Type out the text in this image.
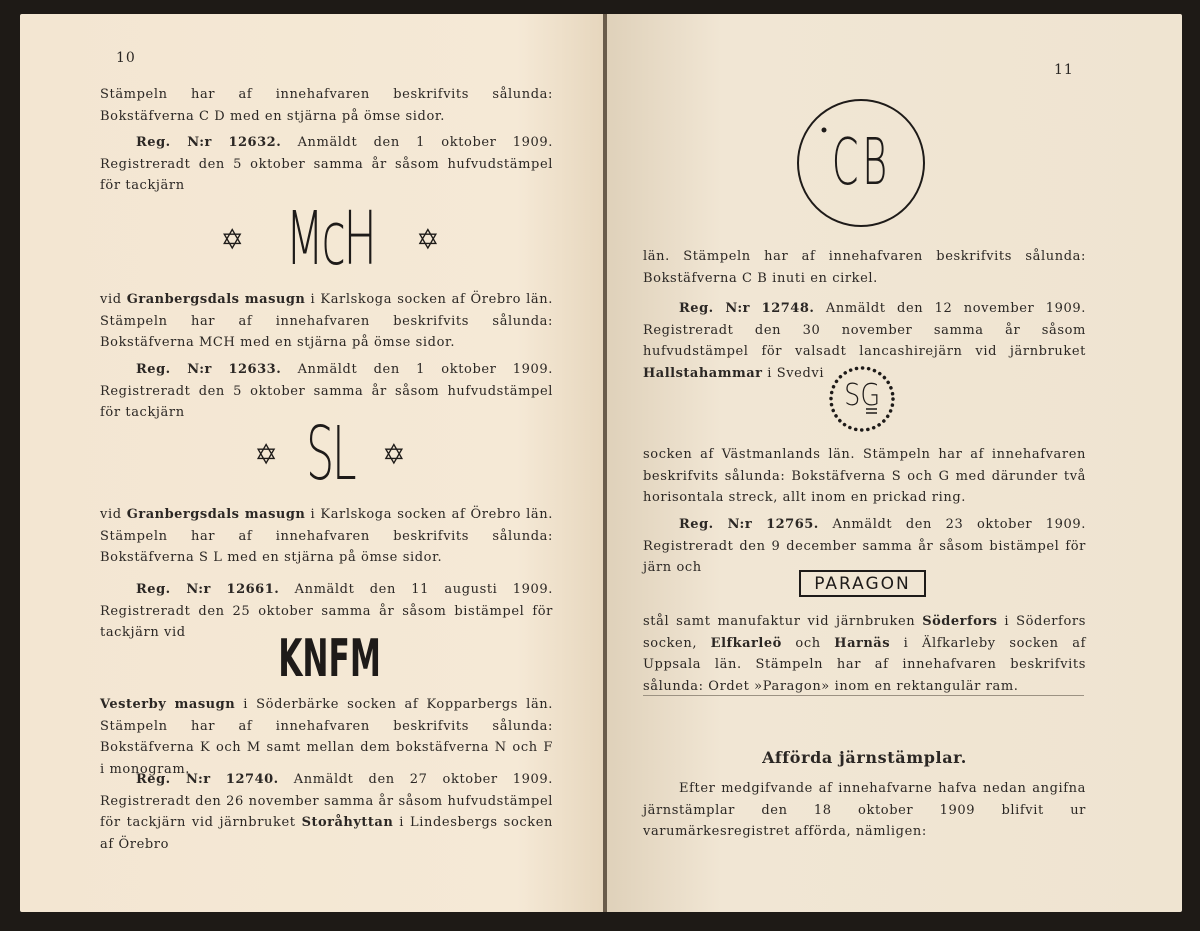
10
Stämpeln har af innehafvaren beskrifvits sålunda: Bokstäfverna C D med en stjärna på ömse sidor.
Reg. N:r 12632. Anmäldt den 1 oktober 1909. Registreradt den 5 oktober samma år såsom hufvudstämpel för tackjärn
✡ McH ✡
vid Granbergsdals masugn i Karlskoga socken af Örebro län. Stämpeln har af innehafvaren beskrifvits sålunda: Bokstäfverna MCH med en stjärna på ömse sidor.
Reg. N:r 12633. Anmäldt den 1 oktober 1909. Registreradt den 5 oktober samma år såsom hufvudstämpel för tackjärn
✡ SL ✡
vid Granbergsdals masugn i Karlskoga socken af Örebro län. Stämpeln har af innehafvaren beskrifvits sålunda: Bokstäfverna S L med en stjärna på ömse sidor.
Reg. N:r 12661. Anmäldt den 11 augusti 1909. Registreradt den 25 oktober samma år såsom bistämpel för tackjärn vid	KNFM
Vesterby masugn i Söderbärke socken af Kopparbergs län. Stämpeln har af innehafvaren beskrifvits sålunda: Bokstäfverna K och M samt mellan dem bokstäfverna N och F i monogram.
Reg. N:r 12740. Anmäldt den 27 oktober 1909. Registreradt den 26 november samma år såsom hufvudstämpel för tackjärn vid järnbruket Storåhyttan i Lindesbergs socken af Örebro
11
CB
län. Stämpeln har af innehafvaren beskrifvits sålunda: Bokstäfverna C B inuti en cirkel.
Reg. N:r 12748. Anmäldt den 12 november 1909. Registreradt den 30 november samma år såsom hufvudstämpel för valsadt lancashirejärn vid järnbruket Hallstahammar i Svedvi
SG
socken af Västmanlands län. Stämpeln har af innehafvaren beskrifvits sålunda: Bokstäfverna S och G med därunder två horisontala streck, allt inom en prickad ring.
Reg. N:r 12765. Anmäldt den 23 oktober 1909. Registreradt den 9 december samma år såsom bistämpel för järn och
PARAGON
stål samt manufaktur vid järnbruken Söderfors i Söderfors socken, Elfkarleö och Harnäs i Älfkarleby socken af Uppsala län. Stämpeln har af innehafvaren beskrifvits sålunda: Ordet »Paragon» inom en rektangulär ram.
Afförda järnstämplar.
Efter medgifvande af innehafvarne hafva nedan angifna järnstämplar den 18 oktober 1909 blifvit ur varumärkesregistret afförda, nämligen:
